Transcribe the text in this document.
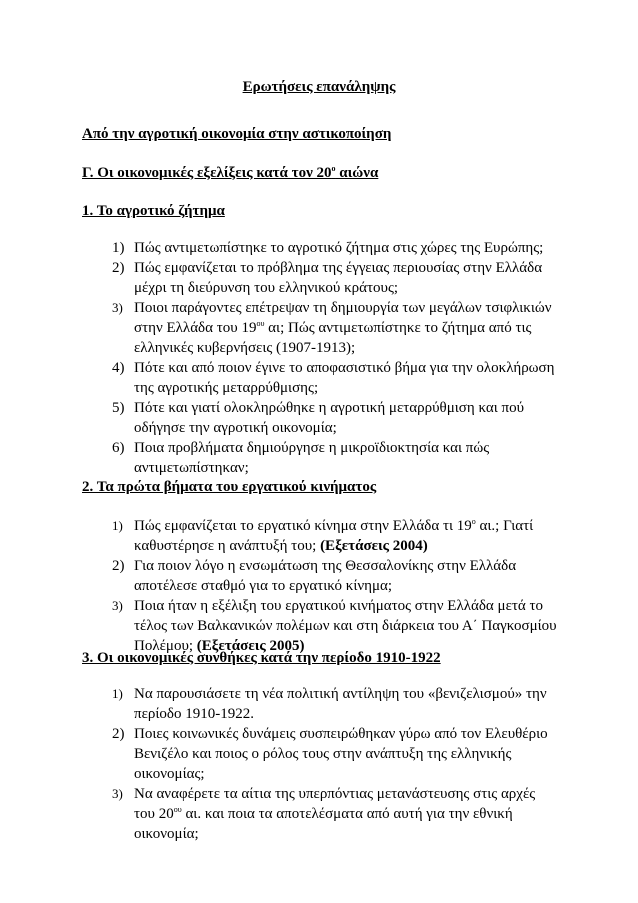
Ερωτήσεις επανάληψης
Από την αγροτική οικονομία στην αστικοποίηση
Γ. Οι οικονομικές εξελίξεις κατά τον $20^o$ αιώνα
1. Το αγροτικό ζήτημα
1) Πώς αντιμετωπίστηκε το αγροτικό ζήτημα στις χώρες της Ευρώπης;
2) Πώς εμφανίζεται το πρόβλημα της έγγειας περιουσίας στην Ελλάδα μέχρι τη διεύρυνση του ελληνικού κράτους;
3) Ποιοι παράγοντες επέτρεψαν τη δημιουργία των μεγάλων τσιφλικιών στην Ελλάδα του $19^{o\upsilon}$ αι; Πώς αντιμετωπίστηκε το ζήτημα από τις ελληνικές κυβερνήσεις (1907-1913);
4) Πότε και από ποιον έγινε το αποφασιστικό βήμα για την ολοκλήρωση της αγροτικής μεταρρύθμισης;
5) Πότε και γιατί ολοκληρώθηκε η αγροτική μεταρρύθμιση και πού οδήγησε την αγροτική οικονομία;
6) Ποια προβλήματα δημιούργησε η μικροϊδιοκτησία και πώς αντιμετωπίστηκαν;
2. Τα πρώτα βήματα του εργατικού κινήματος
1) Πώς εμφανίζεται το εργατικό κίνημα στην Ελλάδα τι $19^o$ αι.; Γιατί καθυστέρησε η ανάπτυξή του; (Εξετάσεις 2004)
2) Για ποιον λόγο η ενσωμάτωση της Θεσσαλονίκης στην Ελλάδα αποτέλεσε σταθμό για το εργατικό κίνημα;
3) Ποια ήταν η εξέλιξη του εργατικού κινήματος στην Ελλάδα μετά το τέλος των Βαλκανικών πολέμων και στη διάρκεια του Α΄ Παγκοσμίου Πολέμου; (Εξετάσεις 2005)
3. Οι οικονομικές συνθήκες κατά την περίοδο 1910-1922
1) Να παρουσιάσετε τη νέα πολιτική αντίληψη του «βενιζελισμού» την περίοδο 1910-1922.
2) Ποιες κοινωνικές δυνάμεις συσπειρώθηκαν γύρω από τον Ελευθέριο Βενιζέλο και ποιος ο ρόλος τους στην ανάπτυξη της ελληνικής οικονομίας;
3) Να αναφέρετε τα αίτια της υπερπόντιας μετανάστευσης στις αρχές του $20^{o\upsilon}$ αι. και ποια τα αποτελέσματα από αυτή για την εθνική οικονομία;
